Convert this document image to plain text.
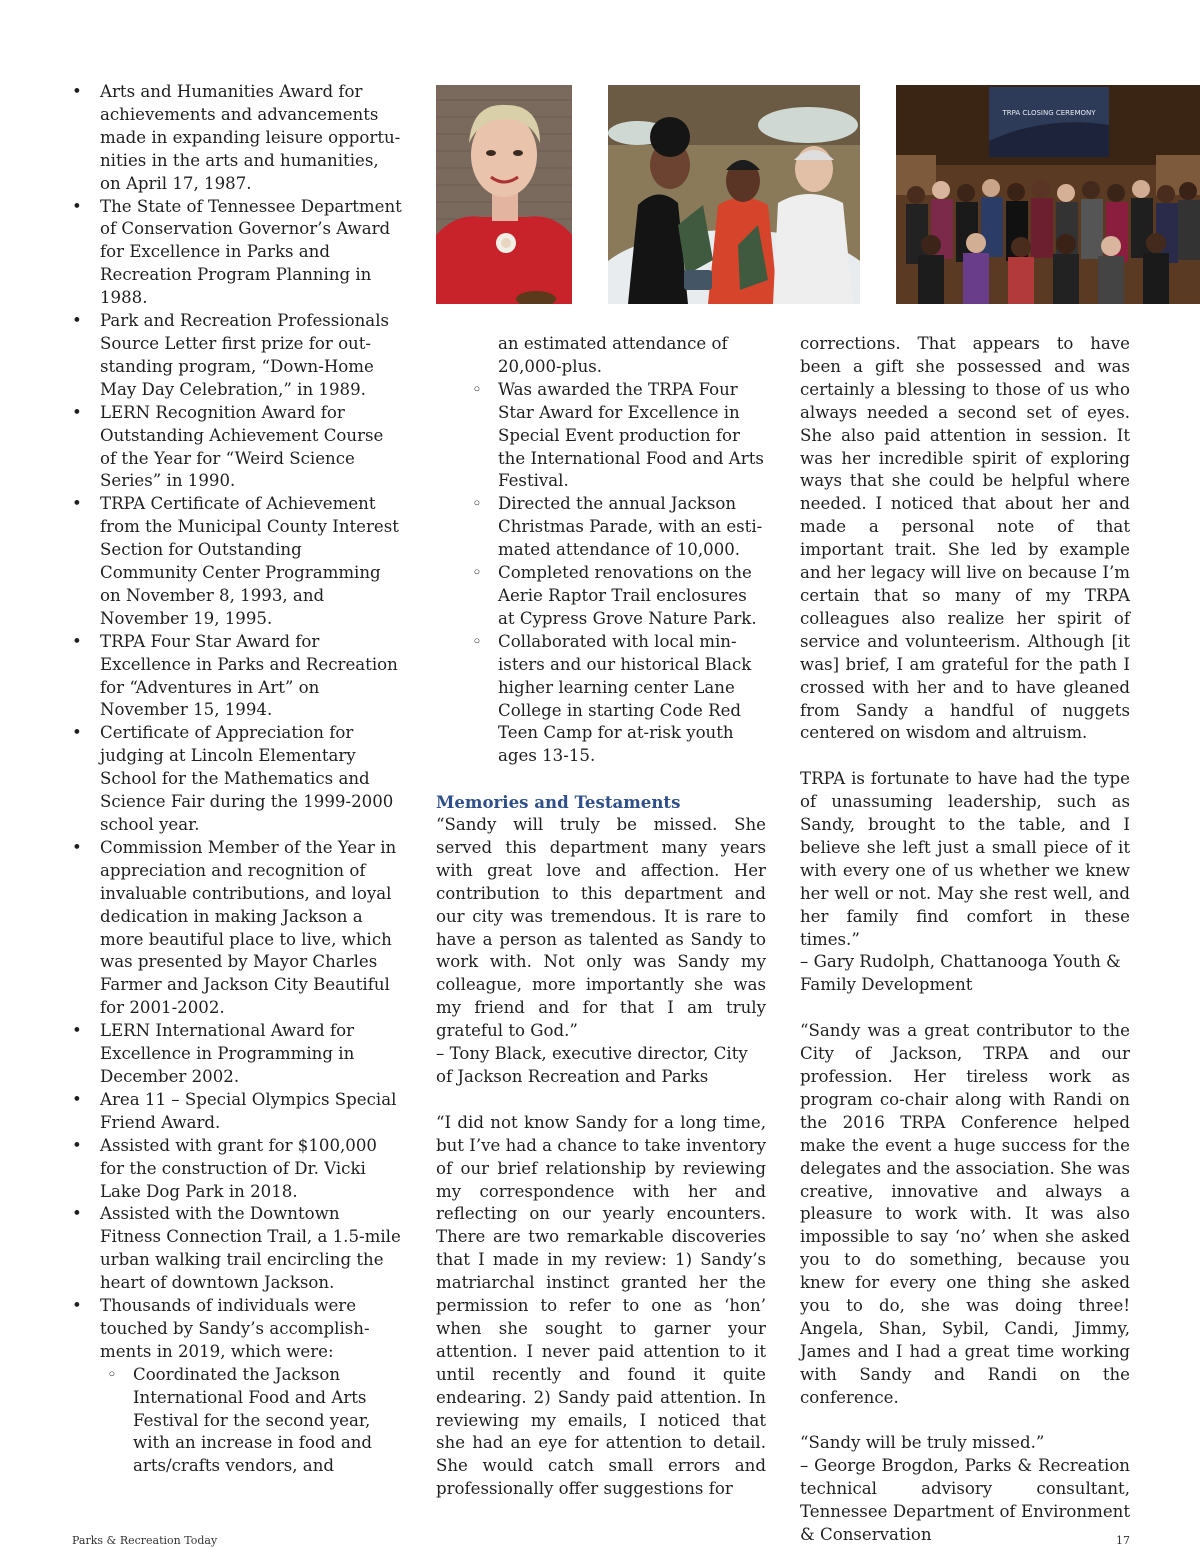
TRPA CLOSING CEREMONY
• Arts and Humanities Award for achievements and advancements made in expanding leisure opportu-nities in the arts and humanities, on April 17, 1987.
• The State of Tennessee Department of Conservation Governor’s Award for Excellence in Parks and Recreation Program Planning in 1988.
• Park and Recreation Professionals Source Letter first prize for out-standing program, “Down-Home May Day Celebration,” in 1989.
• LERN Recognition Award for Outstanding Achievement Course of the Year for “Weird Science Series” in 1990.
• TRPA Certificate of Achievement from the Municipal County Interest Section for Outstanding Community Center Programming on November 8, 1993, and November 19, 1995.
• TRPA Four Star Award for Excellence in Parks and Recreation for “Adventures in Art” on November 15, 1994.
• Certificate of Appreciation for judging at Lincoln Elementary School for the Mathematics and Science Fair during the 1999-2000 school year.
• Commission Member of the Year in appreciation and recognition of invaluable contributions, and loyal dedication in making Jackson a more beautiful place to live, which was presented by Mayor Charles Farmer and Jackson City Beautiful for 2001-2002.
• LERN International Award for Excellence in Programming in December 2002.
• Area 11 – Special Olympics Special Friend Award.
• Assisted with grant for $100,000 for the construction of Dr. Vicki Lake Dog Park in 2018.
• Assisted with the Downtown Fitness Connection Trail, a 1.5-mile urban walking trail encircling the heart of downtown Jackson.
• Thousands of individuals were touched by Sandy’s accomplish-ments in 2019, which were:
◦ Coordinated the Jackson International Food and Arts Festival for the second year, with an increase in food and arts/crafts vendors, and
an estimated attendance of 20,000-plus.
◦ Was awarded the TRPA Four Star Award for Excellence in Special Event production for the International Food and Arts Festival.
◦ Directed the annual Jackson Christmas Parade, with an esti-mated attendance of 10,000.
◦ Completed renovations on the Aerie Raptor Trail enclosures at Cypress Grove Nature Park.
◦ Collaborated with local min-isters and our historical Black higher learning center Lane College in starting Code Red Teen Camp for at-risk youth ages 13-15.
Memories and Testaments

“Sandy will truly be missed. She served this department many years with great love and affection. Her contribution to this department and our city was tremendous. It is rare to have a person as talented as Sandy to work with. Not only was Sandy my colleague, more importantly she was my friend and for that I am truly grateful to God.”

– Tony Black, executive director, City of Jackson Recreation and Parks

“I did not know Sandy for a long time, but I’ve had a chance to take inventory of our brief relationship by reviewing my correspondence with her and reflecting on our yearly encounters. There are two remarkable discoveries that I made in my review: 1) Sandy’s matriarchal instinct granted her the permission to refer to one as ‘hon’ when she sought to garner your attention. I never paid attention to it until recently and found it quite endearing. 2) Sandy paid attention. In reviewing my emails, I noticed that she had an eye for attention to detail. She would catch small errors and professionally offer suggestions for

corrections. That appears to have been a gift she possessed and was certainly a blessing to those of us who always needed a second set of eyes. She also paid attention in session. It was her incredible spirit of exploring ways that she could be helpful where needed. I noticed that about her and made a personal note of that important trait. She led by example and her legacy will live on because I’m certain that so many of my TRPA colleagues also realize her spirit of service and volunteerism. Although [it was] brief, I am grateful for the path I crossed with her and to have gleaned from Sandy a handful of nuggets centered on wisdom and altruism.

TRPA is fortunate to have had the type of unassuming leadership, such as Sandy, brought to the table, and I believe she left just a small piece of it with every one of us whether we knew her well or not. May she rest well, and her family find comfort in these times.”

– Gary Rudolph, Chattanooga Youth & Family Development

“Sandy was a great contributor to the City of Jackson, TRPA and our profession. Her tireless work as program co-chair along with Randi on the 2016 TRPA Conference helped make the event a huge success for the delegates and the association. She was creative, innovative and always a pleasure to work with. It was also impossible to say ‘no’ when she asked you to do something, because you knew for every one thing she asked you to do, she was doing three! Angela, Shan, Sybil, Candi, Jimmy, James and I had a great time working with Sandy and Randi on the conference.

“Sandy will be truly missed.”

– George Brogdon, Parks & Recreation technical advisory consultant, Tennessee Department of Environment & Conservation

Parks & Recreation Today	17
